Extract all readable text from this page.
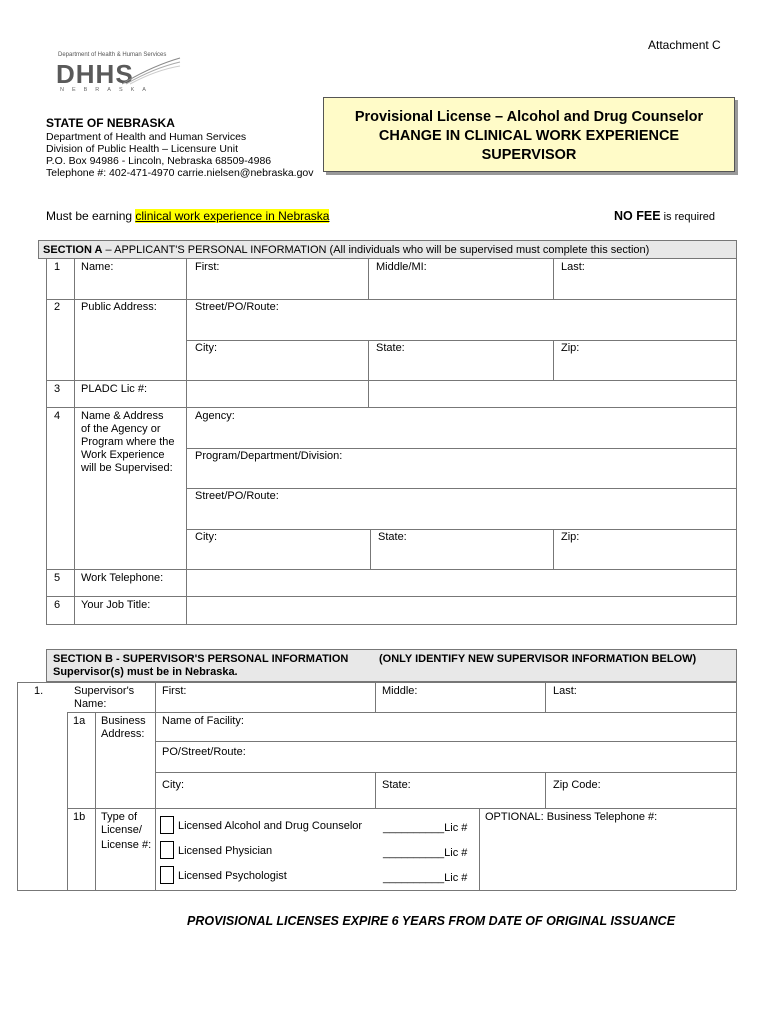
Attachment C
Department of Health & Human Services
DHHS
NEBRASKA
STATE OF NEBRASKA
Department of Health and Human Services
Division of Public Health – Licensure Unit
P.O. Box 94986 - Lincoln, Nebraska 68509-4986
Telephone #: 402-471-4970 carrie.nielsen@nebraska.gov
Provisional License – Alcohol and Drug Counselor
CHANGE IN CLINICAL WORK EXPERIENCE
SUPERVISOR
Must be earning clinical work experience in Nebraska	NO FEE is required
SECTION A – APPLICANT'S PERSONAL INFORMATION (All individuals who will be supervised must complete this section)
1 Name:	First:	Middle/MI:	Last:
2 Public Address:	Street/PO/Route:
City:	State:	Zip:
3 PLADC Lic #:
4 Name & Address
of the Agency or
Program where the
Work Experience
will be Supervised:
Agency:
Program/Department/Division:
Street/PO/Route:
City:	State:	Zip:
5 Work Telephone:
6 Your Job Title:
SECTION B - SUPERVISOR'S PERSONAL INFORMATION	(ONLY IDENTIFY NEW SUPERVISOR INFORMATION BELOW)
Supervisor(s) must be in Nebraska.
1.	Supervisor's
Name:
First:	Middle:	Last:
1a Business
Address:
Name of Facility:
PO/Street/Route:
City:	State:	Zip Code:
1b Type of
License/
License #:
Licensed Alcohol and Drug Counselor __________Lic #
Licensed Physician	__________Lic #
Licensed Psychologist	__________Lic #
OPTIONAL: Business Telephone #:
PROVISIONAL LICENSES EXPIRE 6 YEARS FROM DATE OF ORIGINAL ISSUANCE
